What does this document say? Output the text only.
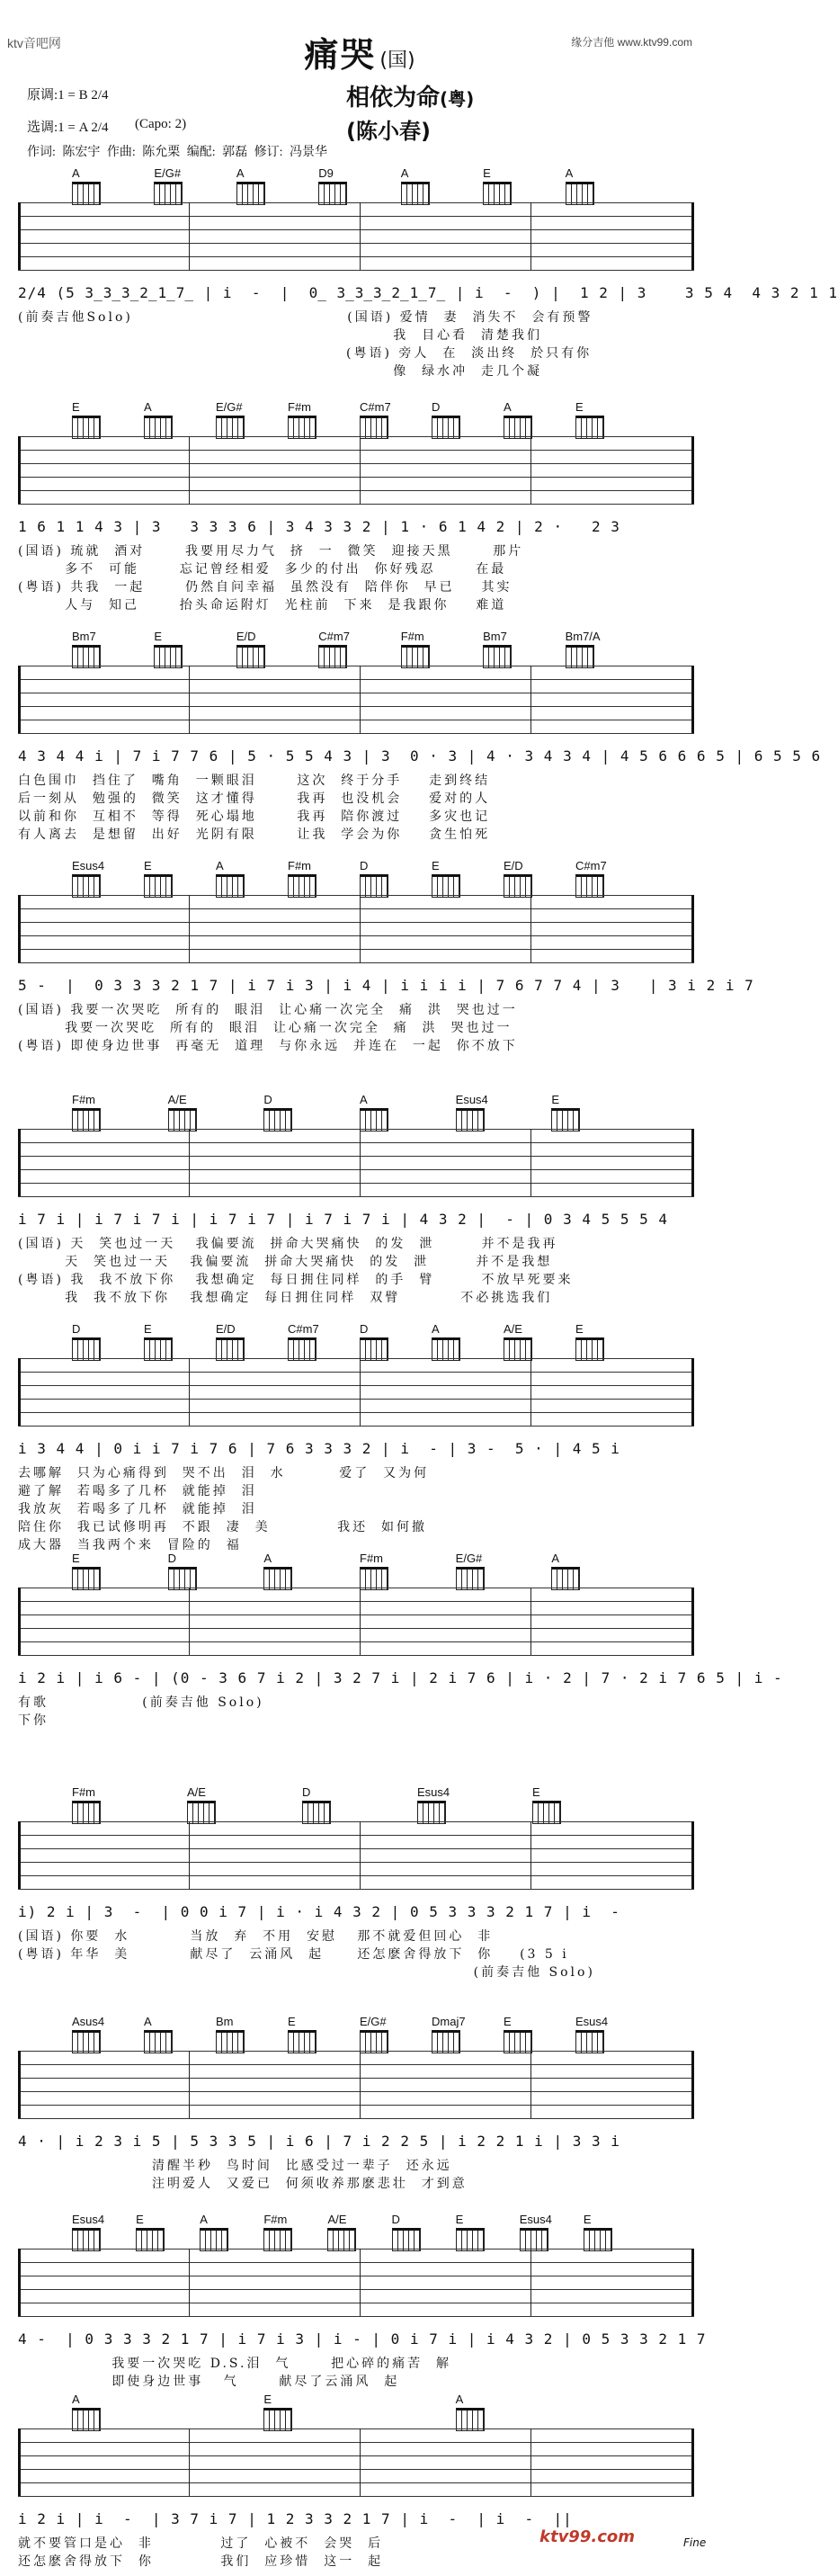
ktv音吧网	缘分吉他 www.ktv99.com
痛哭 (国)
相依为命(粤)
(陈小春)
原调:1 = B 2/4
选调:1 = A 2/4 (Capo: 2)
作词: 陈宏宇 作曲: 陈允栗 编配: 郭磊 修订: 冯景华
A	E/G#	A	D9	A	E	A
2/4 (5 3̲3̲3̲2̲1̲7̲ | i  -  |  0̲ 3̲3̲3̲2̲1̲7̲ | i  -  ) |  1 2 | 3    3 5 4  4 3 2 1 1
(前奏吉他Solo)                                (国语) 爱情  妻  消失不  会有预警
我  目心看  清楚我们
(粤语) 旁人  在  淡出终  於只有你
像  绿水冲  走几个凝
E	A	E/G#	F#m	C#m7	D	A	E
1 6 1 1 4 3 | 3   3 3 3 6 | 3 4 3 3 2 | 1 · 6 1 4 2 | 2 ·   2 3
(国语) 琉就  酒对      我要用尽力气  挤  一  微笑  迎接天黑      那片
多不  可能      忘记曾经相爱  多少的付出  你好残忍      在最
(粤语) 共我  一起      仍然自问幸福  虽然没有  陪伴你  早已    其实
人与  知己      抬头命运附灯  光柱前  下来  是我跟你    难道
Bm7	E	E/D	C#m7	F#m	Bm7	Bm7/A
4 3 4 4 i | 7 i 7 7 6 | 5 · 5 5 4 3 | 3  0 · 3 | 4 · 3 4 3 4 | 4 5 6 6 6 5 | 6 5 5 6
白色围巾  挡住了  嘴角  一颗眼泪      这次  终于分手    走到终结
后一刻从  勉强的  微笑  这才懂得      我再  也没机会    爱对的人
以前和你  互相不  等得  死心塌地      我再  陪你渡过    多灾也记
有人离去  是想留  出好  光阴有限      让我  学会为你    贪生怕死
Esus4	E	A	F#m	D	E	E/D	C#m7
5 -  |  0 3 3 3 2 1 7 | i 7 i 3 | i 4 | i i i i | 7 6 7 7 4 | 3   | 3 i 2 i 7
(国语) 我要一次哭吃  所有的  眼泪  让心痛一次完全  痛  洪  哭也过一
我要一次哭吃  所有的  眼泪  让心痛一次完全  痛  洪  哭也过一
(粤语) 即使身边世事  再毫无  道理  与你永远  并连在  一起  你不放下
F#m	A/E	D	A	Esus4	E
i 7 i | i 7 i 7 i | i 7 i 7 | i 7 i 7 i | 4 3 2 |  - | 0 3 4 5 5 5 4
(国语) 天  笑也过一天   我偏要流  拼命大哭痛快  的发  泄       并不是我再
天  笑也过一天   我偏要流  拼命大哭痛快  的发  泄       并不是我想
(粤语) 我  我不放下你   我想确定  每日拥住同样  的手  臂       不放早死要来
我  我不放下你   我想确定  每日拥住同样  双臂         不必挑选我们
D	E	E/D	C#m7	D	A	A/E	E
i 3 4 4 | 0 i i 7 i 7 6 | 7 6 3 3 3 2 | i  - | 3 -  5 · | 4 5 i
去哪解  只为心痛得到  哭不出  泪  水        爱了  又为何
避了解  若喝多了几杯  就能掉  泪
我放灰  若喝多了几杯  就能掉  泪
陪住你  我已试修明再  不跟  凄  美          我还  如何撤
成大器  当我两个来  冒险的  福
E	D	A	F#m	E/G#	A
i 2 i | i 6 - | (0 - 3 6 7 i 2 | 3 2 7 i | 2 i 7 6 | i · 2 | 7 · 2 i 7 6 5 | i -
有歌              (前奏吉他 Solo)
下你
F#m	A/E	D	Esus4	E
i) 2 i | 3  -  | 0 0 i 7 | i · i 4 3 2 | 0 5 3 3 3 2 1 7 | i  -
(国语) 你要  水         当放  弃  不用  安慰   那不就爱但回心  非
(粤语) 年华  美         献尽了  云涌风  起     还怎麽舍得放下  你    (3 5 i
(前奏吉他 Solo)
Asus4	A	Bm	E	E/G#	Dmaj7	E	Esus4
4 · | i 2 3 i 5 | 5 3 3 5 | i 6 | 7 i 2 2 5 | i 2 2 1 i | 3 3 i
清醒半秒  鸟时间  比感受过一辈子  还永远
注明爱人  又爱已  何须收养那麽悲壮  才到意
Esus4	E	A	F#m	A/E	D	E	Esus4	E
4 -  | 0 3 3 3 2 1 7 | i 7 i 3 | i - | 0 i 7 i | i 4 3 2 | 0 5 3 3 2 1 7
我要一次哭吃 D.S.泪  气      把心碎的痛苦  解
即使身边世事   气      献尽了云涌风  起
A	E	A
i 2 i | i  -  | 3 7 i 7 | 1 2 3 3 2 1 7 | i  -  | i  -  ||
就不要管口是心  非          过了  心被不  会哭  后
还怎麽舍得放下  你          我们  应珍惜  这一  起
ktv99.com	Fine
